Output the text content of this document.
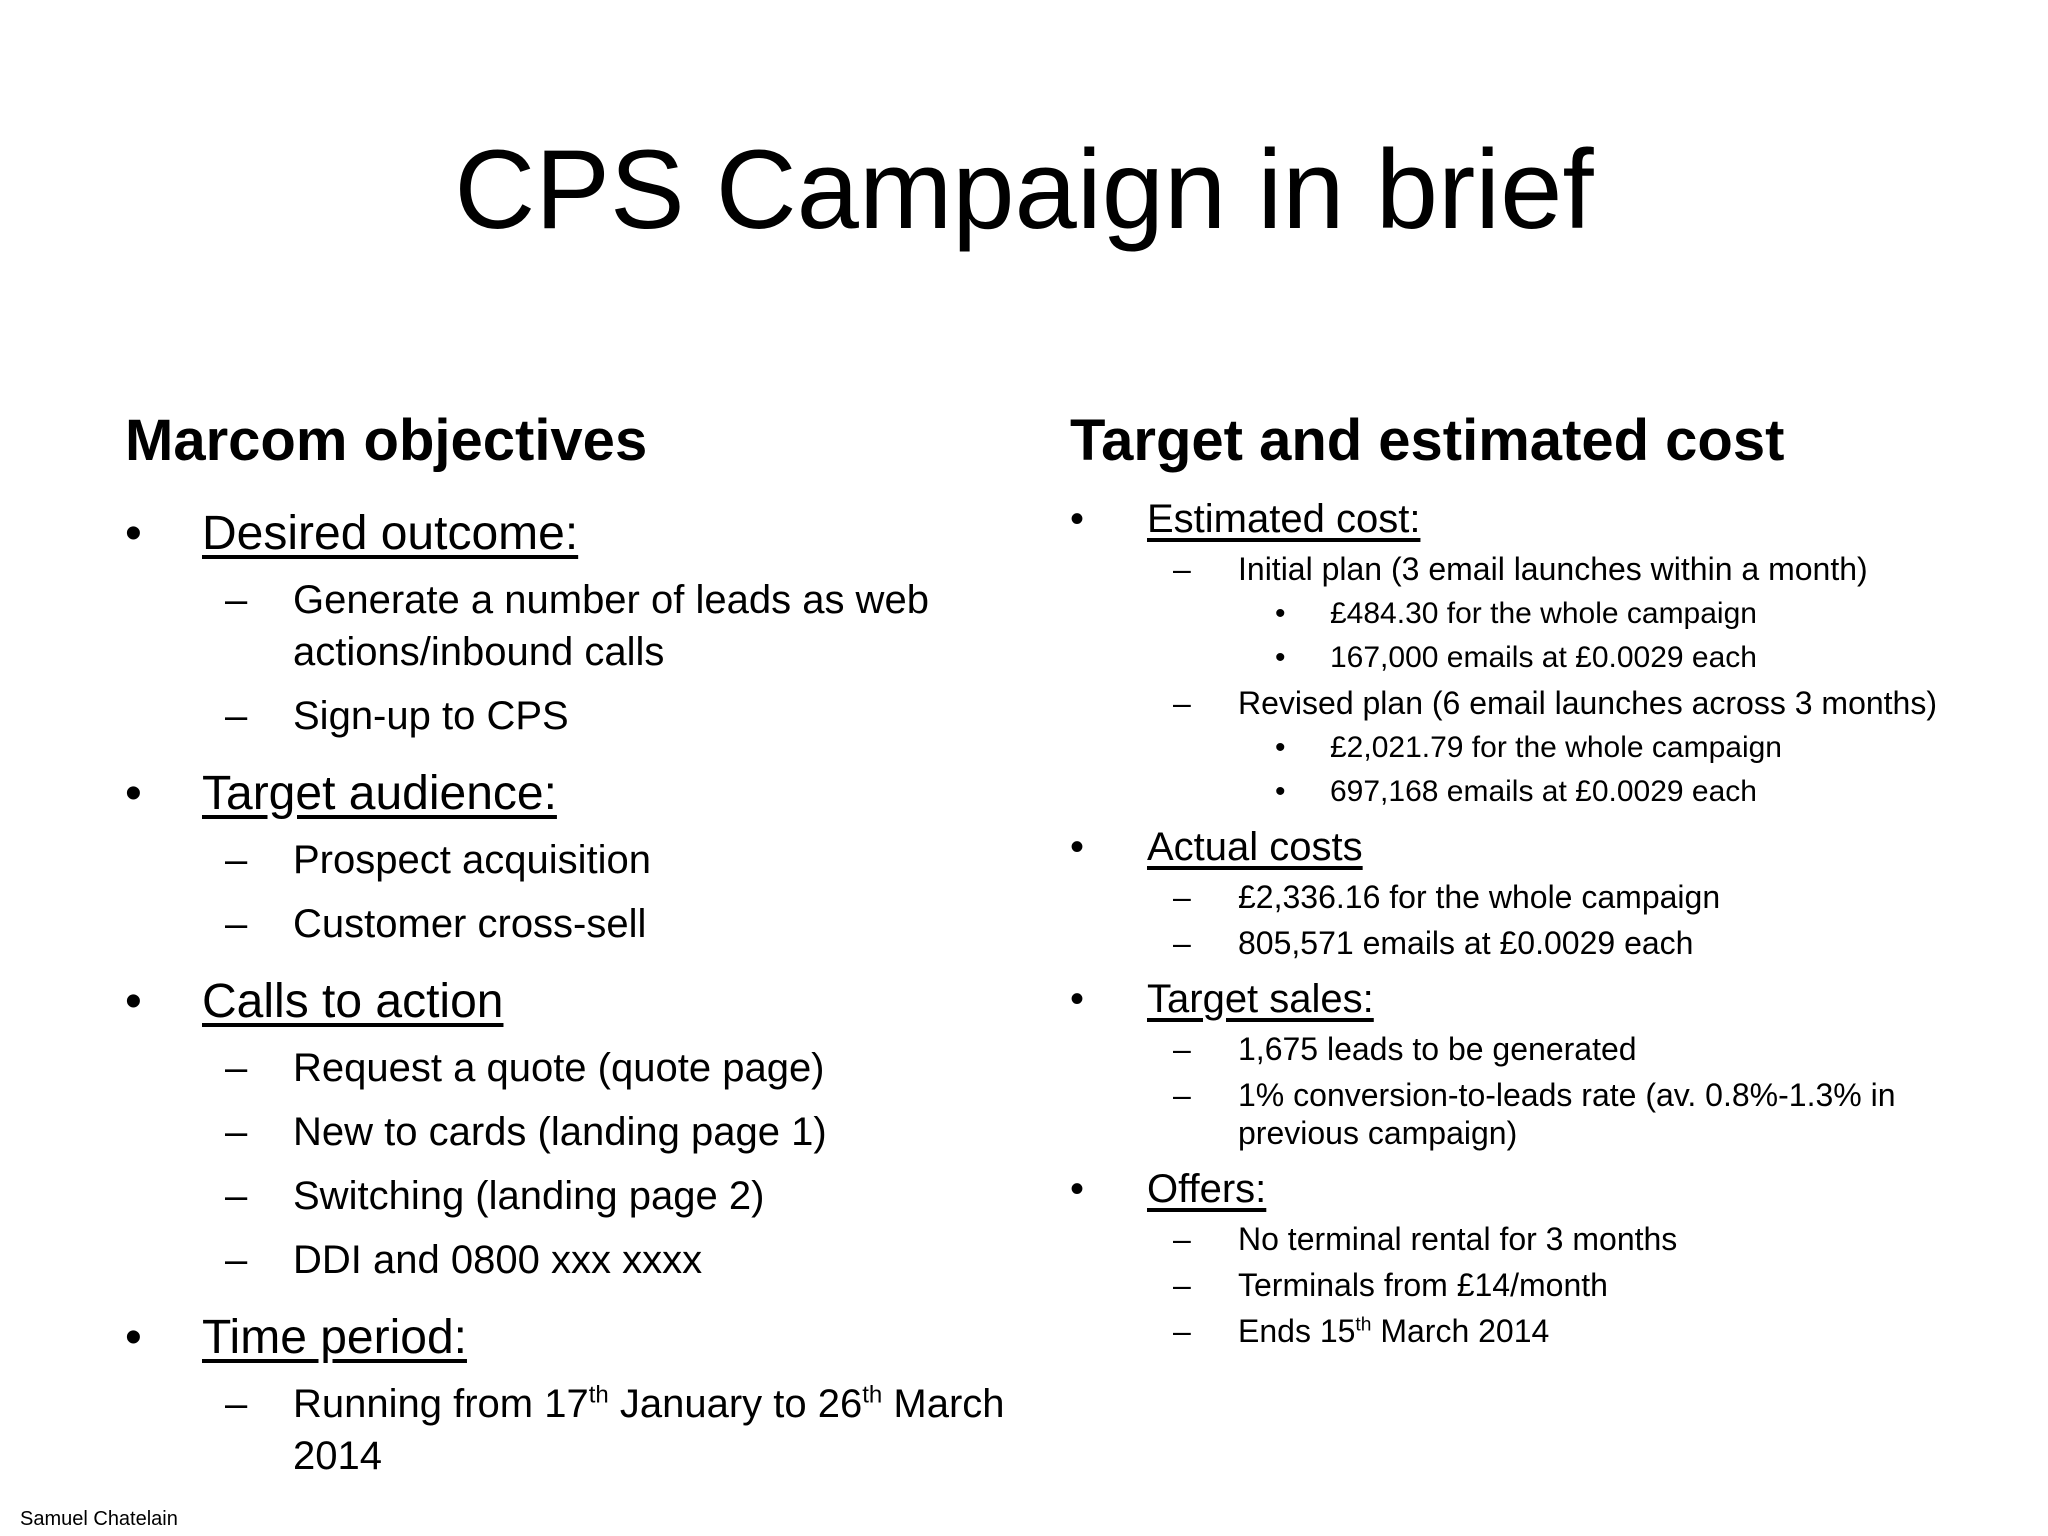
CPS Campaign in brief
Marcom objectives
• Desired outcome:
– Generate a number of leads as web actions/inbound calls
– Sign-up to CPS
• Target audience:
– Prospect acquisition
– Customer cross-sell
• Calls to action
– Request a quote (quote page)
– New to cards (landing page 1)
– Switching (landing page 2)
– DDI and 0800 xxx xxxx
• Time period:
– Running from 17th January to 26th March 2014
Target and estimated cost
• Estimated cost:
– Initial plan (3 email launches within a month)
• £484.30 for the whole campaign
• 167,000 emails at £0.0029 each
– Revised plan (6 email launches across 3 months)
• £2,021.79 for the whole campaign
• 697,168 emails at £0.0029 each
• Actual costs
– £2,336.16 for the whole campaign
– 805,571 emails at £0.0029 each
• Target sales:
– 1,675 leads to be generated
– 1% conversion-to-leads rate (av. 0.8%-1.3% in previous campaign)
• Offers:
– No terminal rental for 3 months
– Terminals from £14/month
– Ends 15th March 2014
Samuel Chatelain
